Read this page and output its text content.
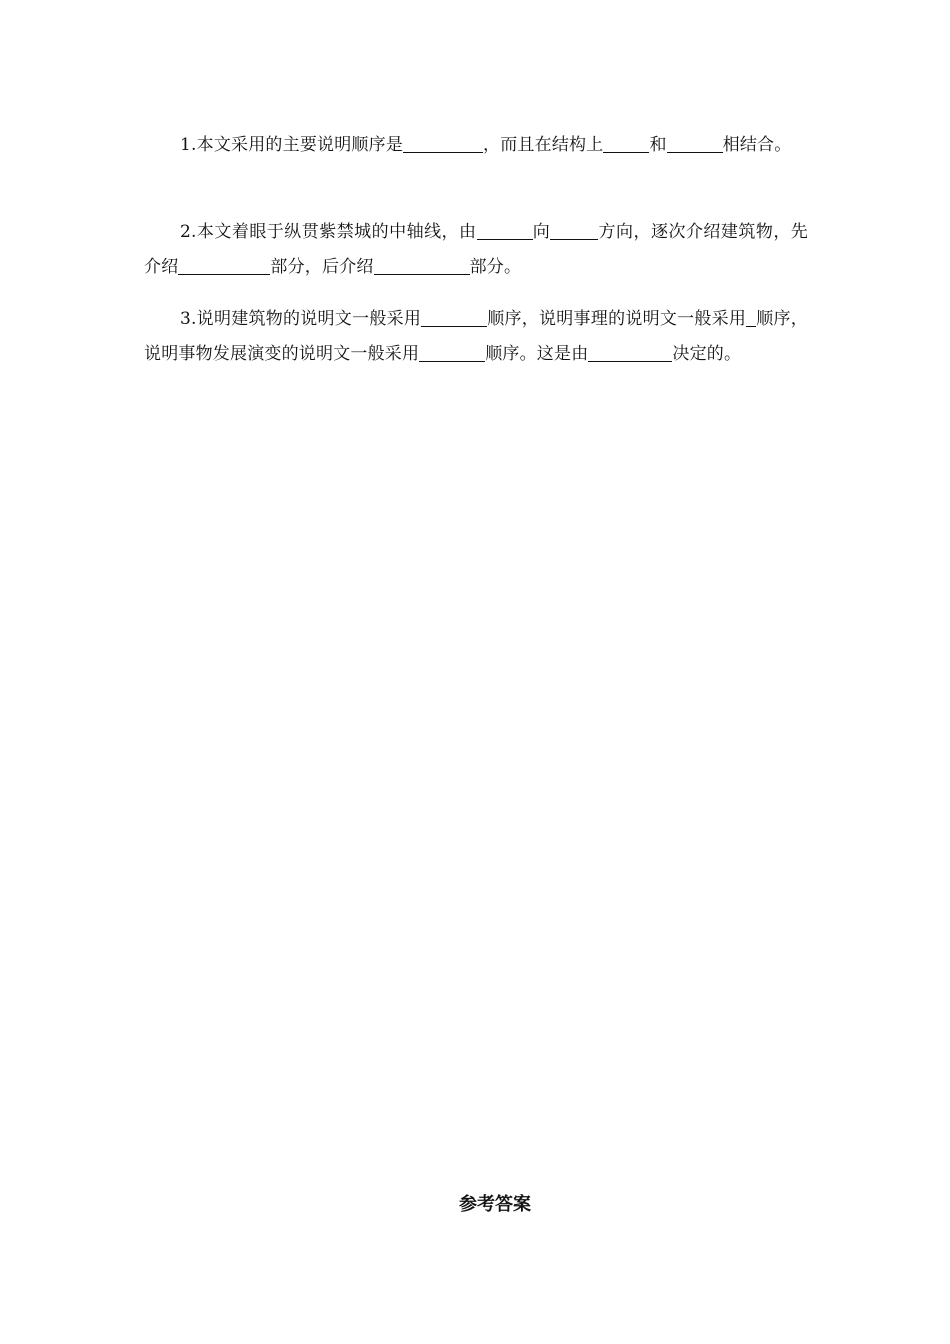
1.本文采用的主要说明顺序是	，而且在结构上	和	相结合。

2.本文着眼于纵贯紫禁城的中轴线，由	向	方向，逐次介绍建筑物，先介绍	部分，后介绍	部分。

3.说明建筑物的说明文一般采用	顺序，说明事理的说明文一般采用 顺序，说明事物发展演变的说明文一般采用	顺序。这是由	决定的。

参考答案
